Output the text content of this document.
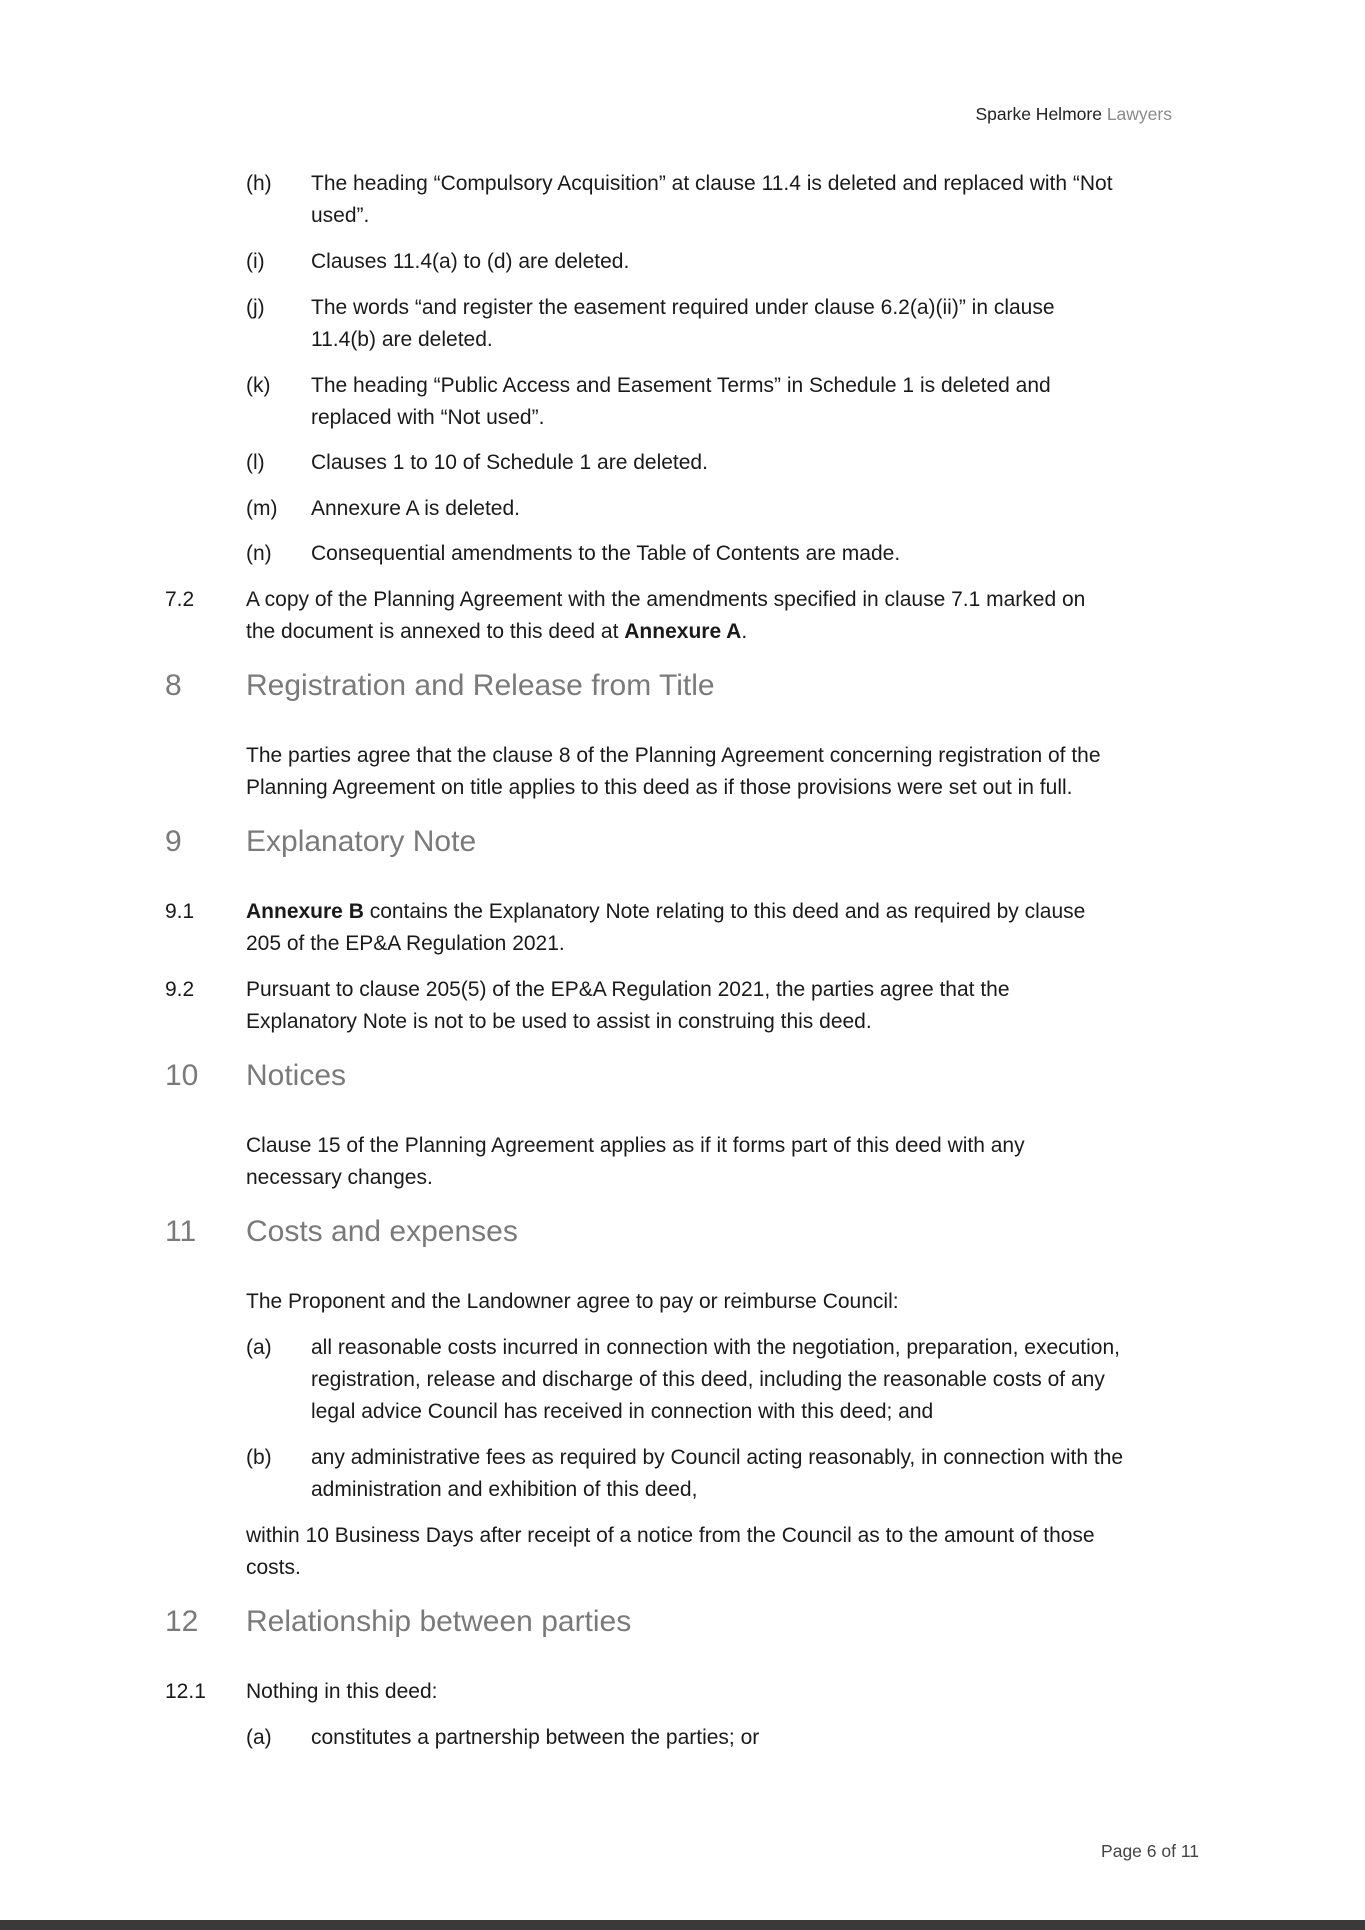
Sparke Helmore Lawyers
(h) The heading “Compulsory Acquisition” at clause 11.4 is deleted and replaced with “Not
used”.
(i) Clauses 11.4(a) to (d) are deleted.
(j) The words “and register the easement required under clause 6.2(a)(ii)” in clause
11.4(b) are deleted.
(k) The heading “Public Access and Easement Terms” in Schedule 1 is deleted and
replaced with “Not used”.
(l) Clauses 1 to 10 of Schedule 1 are deleted.
(m) Annexure A is deleted.
(n) Consequential amendments to the Table of Contents are made.
7.2 A copy of the Planning Agreement with the amendments specified in clause 7.1 marked on
the document is annexed to this deed at Annexure A.
8 Registration and Release from Title
The parties agree that the clause 8 of the Planning Agreement concerning registration of the
Planning Agreement on title applies to this deed as if those provisions were set out in full.
9 Explanatory Note
9.1 Annexure B contains the Explanatory Note relating to this deed and as required by clause
205 of the EP&A Regulation 2021.
9.2 Pursuant to clause 205(5) of the EP&A Regulation 2021, the parties agree that the
Explanatory Note is not to be used to assist in construing this deed.
10 Notices
Clause 15 of the Planning Agreement applies as if it forms part of this deed with any
necessary changes.
11 Costs and expenses
The Proponent and the Landowner agree to pay or reimburse Council:
(a) all reasonable costs incurred in connection with the negotiation, preparation, execution,
registration, release and discharge of this deed, including the reasonable costs of any
legal advice Council has received in connection with this deed; and
(b) any administrative fees as required by Council acting reasonably, in connection with the
administration and exhibition of this deed,
within 10 Business Days after receipt of a notice from the Council as to the amount of those
costs.
12 Relationship between parties
12.1 Nothing in this deed:
(a) constitutes a partnership between the parties; or
Page 6 of 11
